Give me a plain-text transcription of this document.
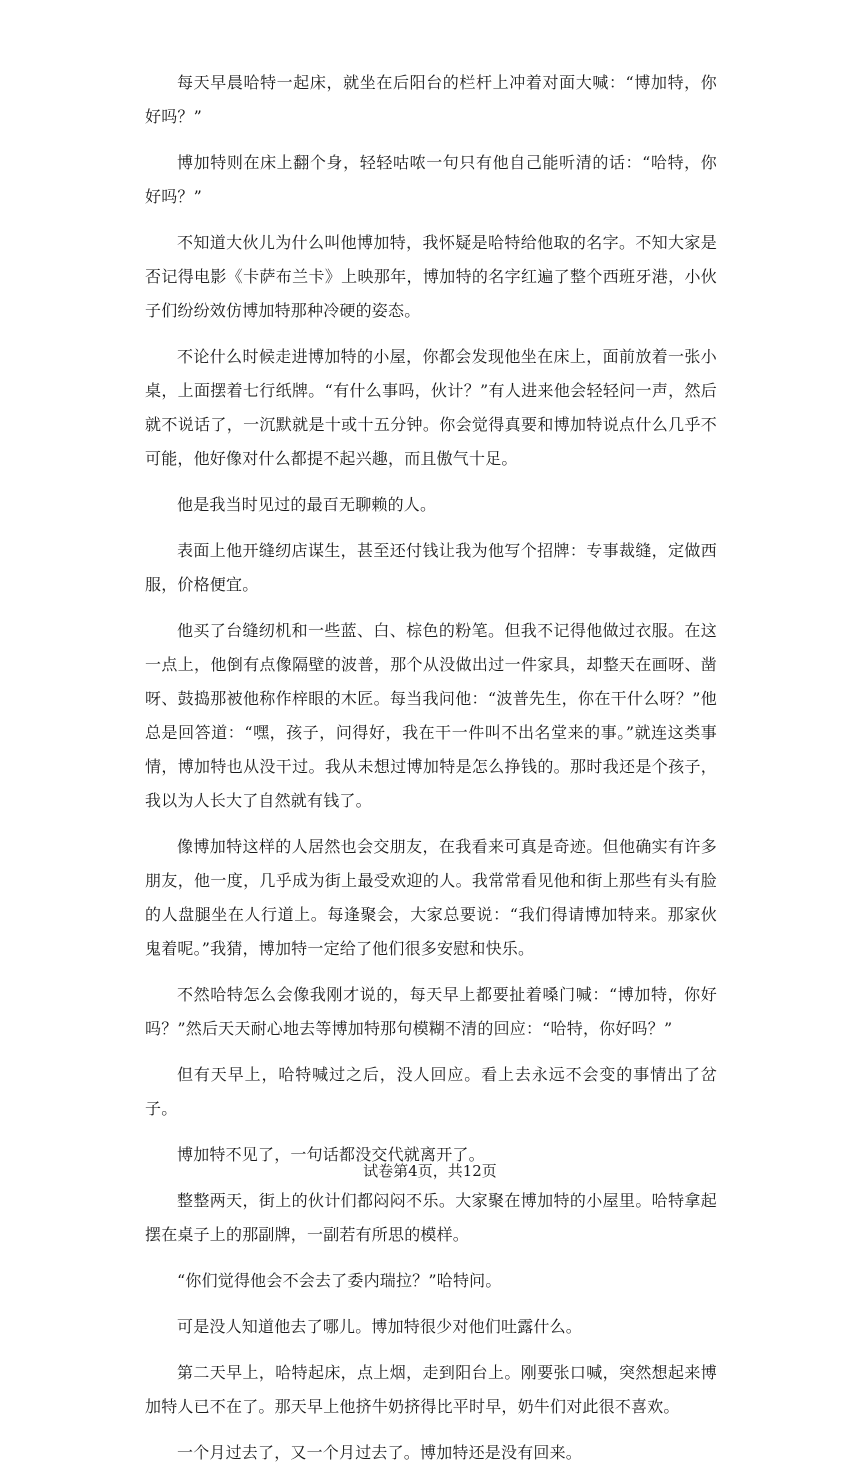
每天早晨哈特一起床，就坐在后阳台的栏杆上冲着对面大喊：“博加特，你好吗？”

博加特则在床上翻个身，轻轻咕哝一句只有他自己能听清的话：“哈特，你好吗？”

不知道大伙儿为什么叫他博加特，我怀疑是哈特给他取的名字。不知大家是否记得电影《卡萨布兰卡》上映那年，博加特的名字红遍了整个西班牙港，小伙子们纷纷效仿博加特那种冷硬的姿态。

不论什么时候走进博加特的小屋，你都会发现他坐在床上，面前放着一张小桌，上面摆着七行纸牌。“有什么事吗，伙计？”有人进来他会轻轻问一声，然后就不说话了，一沉默就是十或十五分钟。你会觉得真要和博加特说点什么几乎不可能，他好像对什么都提不起兴趣，而且傲气十足。

他是我当时见过的最百无聊赖的人。

表面上他开缝纫店谋生，甚至还付钱让我为他写个招牌：专事裁缝，定做西服，价格便宜。

他买了台缝纫机和一些蓝、白、棕色的粉笔。但我不记得他做过衣服。在这一点上，他倒有点像隔壁的波普，那个从没做出过一件家具，却整天在画呀、凿呀、鼓捣那被他称作梓眼的木匠。每当我问他：“波普先生，你在干什么呀？”他总是回答道：“嘿，孩子，问得好，我在干一件叫不出名堂来的事。”就连这类事情，博加特也从没干过。我从未想过博加特是怎么挣钱的。那时我还是个孩子，我以为人长大了自然就有钱了。

像博加特这样的人居然也会交朋友，在我看来可真是奇迹。但他确实有许多朋友，他一度，几乎成为街上最受欢迎的人。我常常看见他和街上那些有头有脸的人盘腿坐在人行道上。每逢聚会，大家总要说：“我们得请博加特来。那家伙鬼着呢。”我猜，博加特一定给了他们很多安慰和快乐。

不然哈特怎么会像我刚才说的，每天早上都要扯着嗓门喊：“博加特，你好吗？”然后天天耐心地去等博加特那句模糊不清的回应：“哈特，你好吗？”

但有天早上，哈特喊过之后，没人回应。看上去永远不会变的事情出了岔子。

博加特不见了，一句话都没交代就离开了。

整整两天，街上的伙计们都闷闷不乐。大家聚在博加特的小屋里。哈特拿起摆在桌子上的那副牌，一副若有所思的模样。

“你们觉得他会不会去了委内瑞拉？”哈特问。

可是没人知道他去了哪儿。博加特很少对他们吐露什么。

第二天早上，哈特起床，点上烟，走到阳台上。刚要张口喊，突然想起来博加特人已不在了。那天早上他挤牛奶挤得比平时早，奶牛们对此很不喜欢。

一个月过去了，又一个月过去了。博加特还是没有回来。

试卷第4页，共12页
